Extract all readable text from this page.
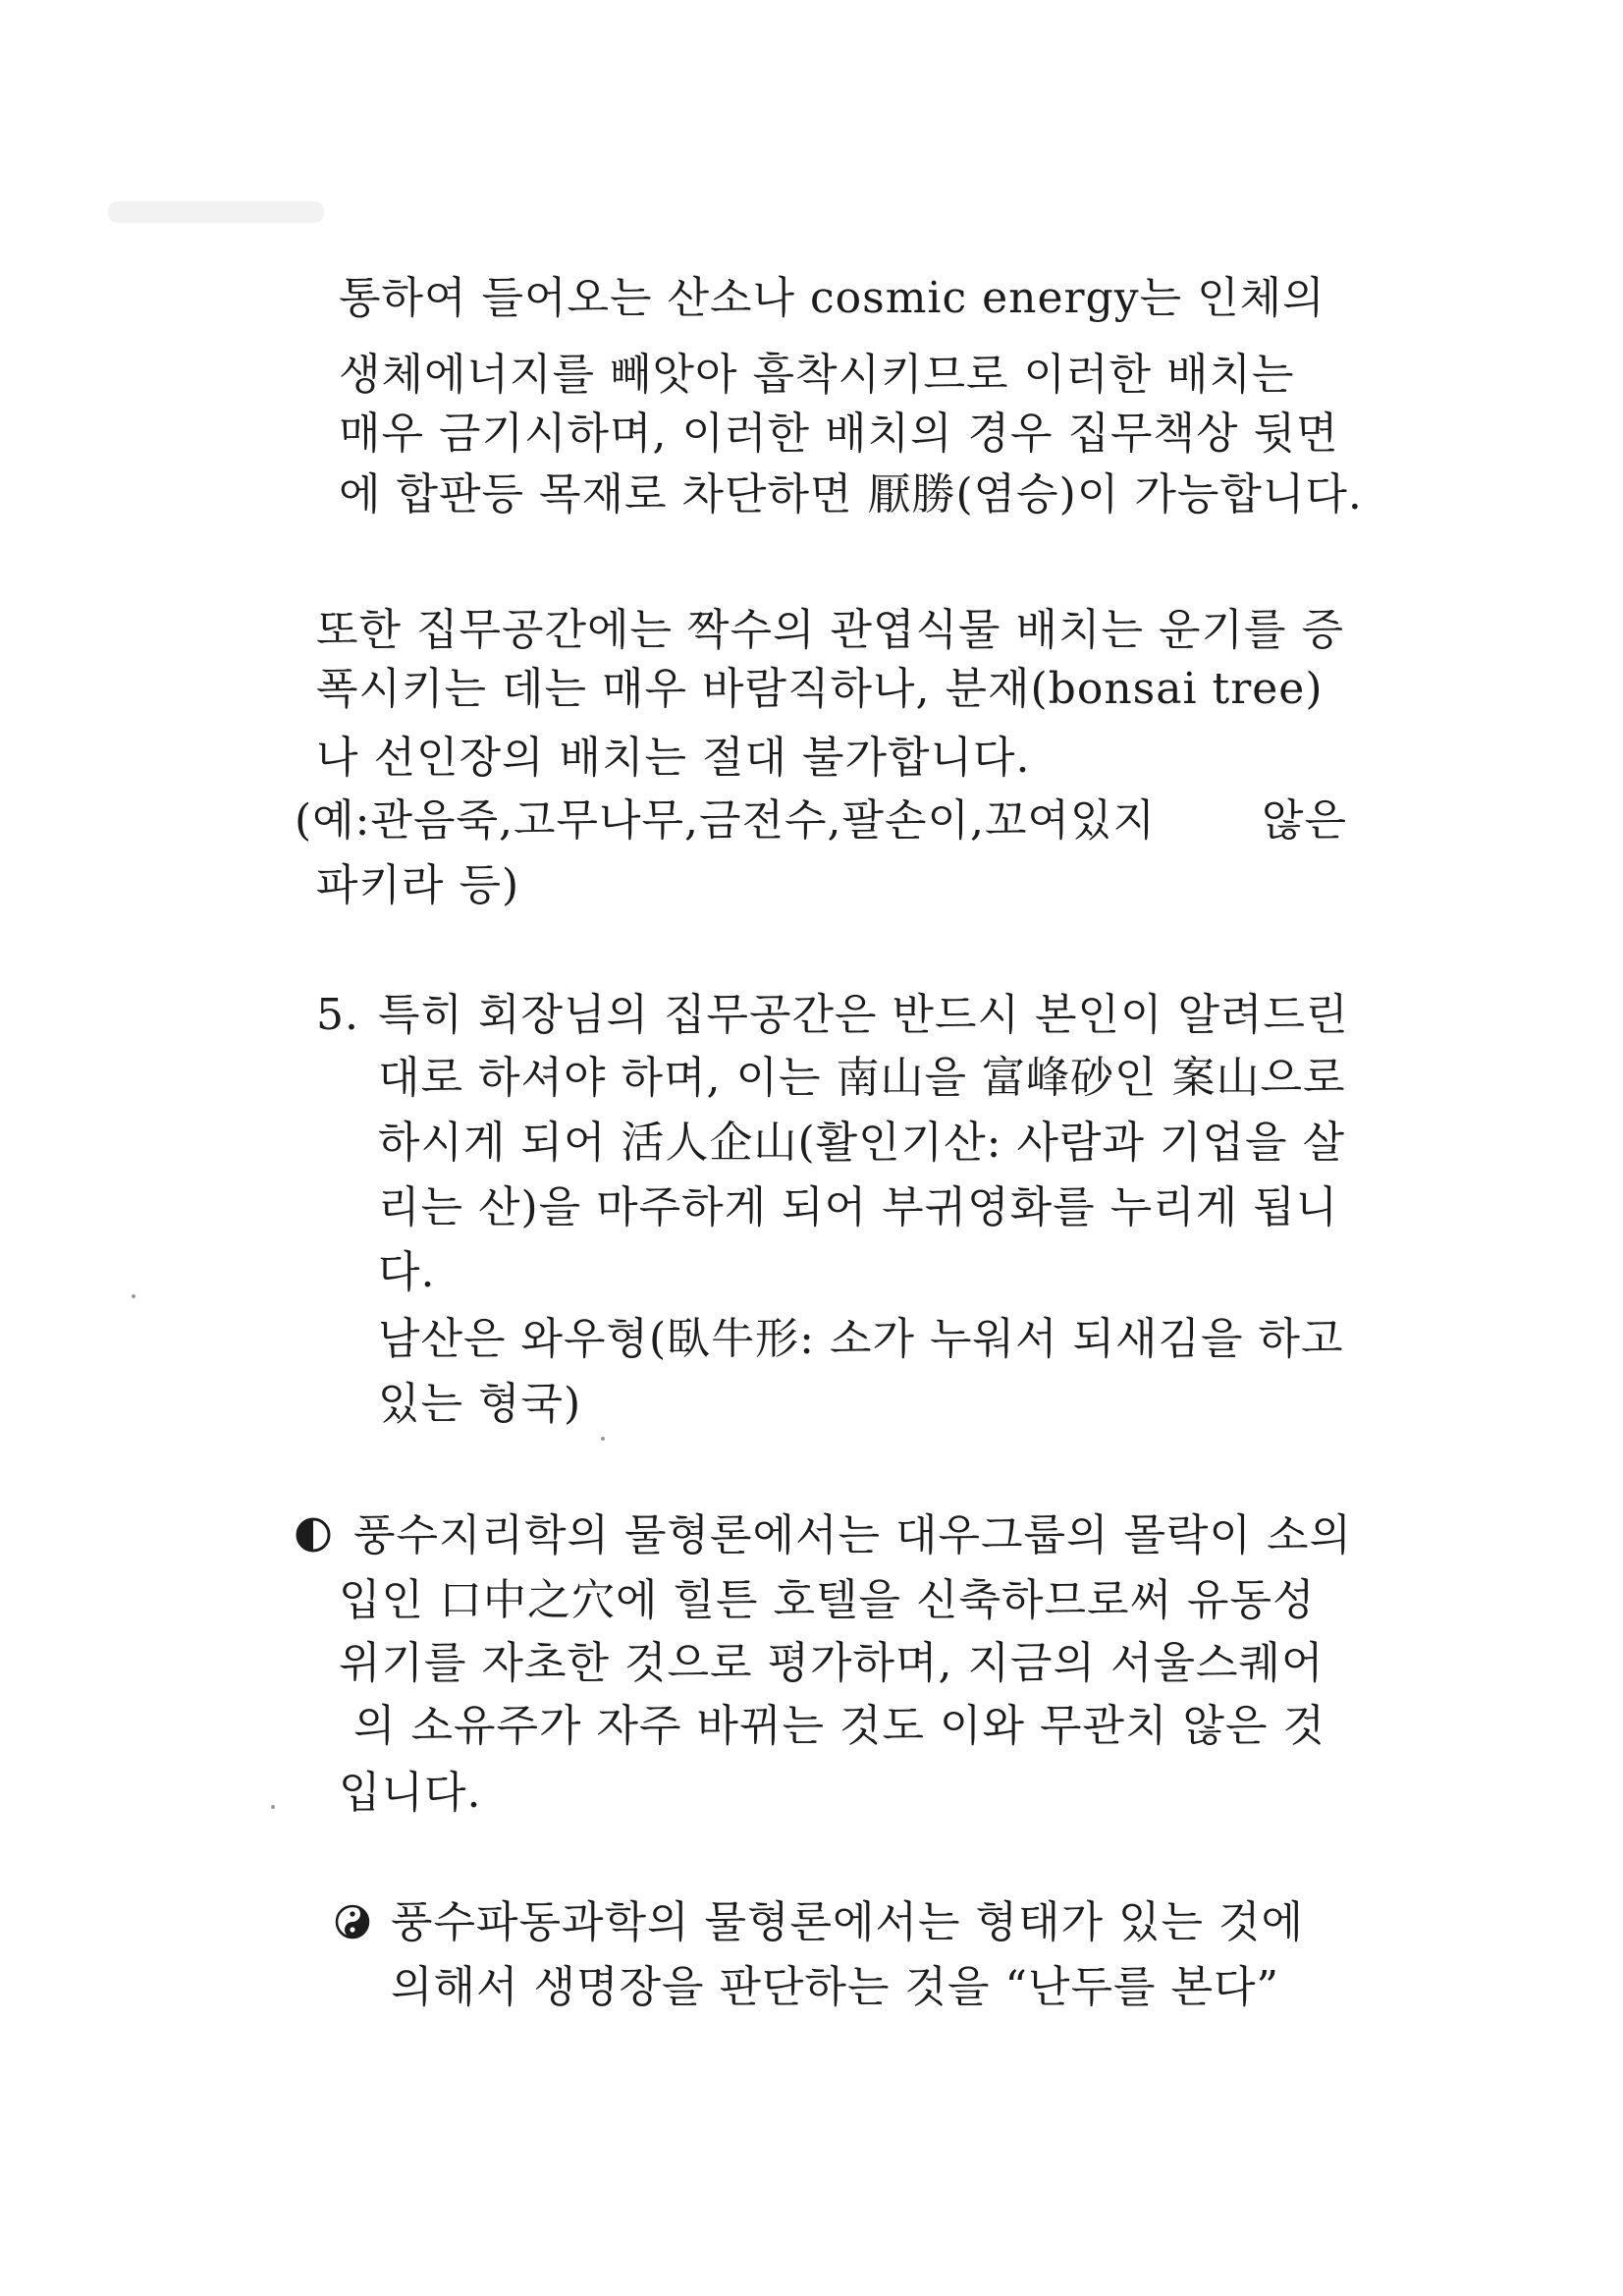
통하여 들어오는 산소나 cosmic energy는 인체의
생체에너지를 빼앗아 흡착시키므로 이러한 배치는
매우 금기시하며, 이러한 배치의 경우 집무책상 뒷면
에 합판등 목재로 차단하면 厭勝(염승)이 가능합니다.
또한 집무공간에는 짝수의 관엽식물 배치는 운기를 증
폭시키는 데는 매우 바람직하나, 분재(bonsai tree)
나 선인장의 배치는 절대 불가합니다.
(예:관음죽,고무나무,금전수,팔손이,꼬여있지 않은
파키라 등)
5. 특히 회장님의 집무공간은 반드시 본인이 알려드린
대로 하셔야 하며, 이는 南山을 富峰砂인 案山으로
하시게 되어 活人企山(활인기산: 사람과 기업을 살
리는 산)을 마주하게 되어 부귀영화를 누리게 됩니
다.
남산은 와우형(臥牛形: 소가 누워서 되새김을 하고
있는 형국)
풍수지리학의 물형론에서는 대우그룹의 몰락이 소의
입인 口中之穴에 힐튼 호텔을 신축하므로써 유동성
위기를 자초한 것으로 평가하며, 지금의 서울스퀘어
의 소유주가 자주 바뀌는 것도 이와 무관치 않은 것
입니다.
풍수파동과학의 물형론에서는 형태가 있는 것에
의해서 생명장을 판단하는 것을 “난두를 본다”
